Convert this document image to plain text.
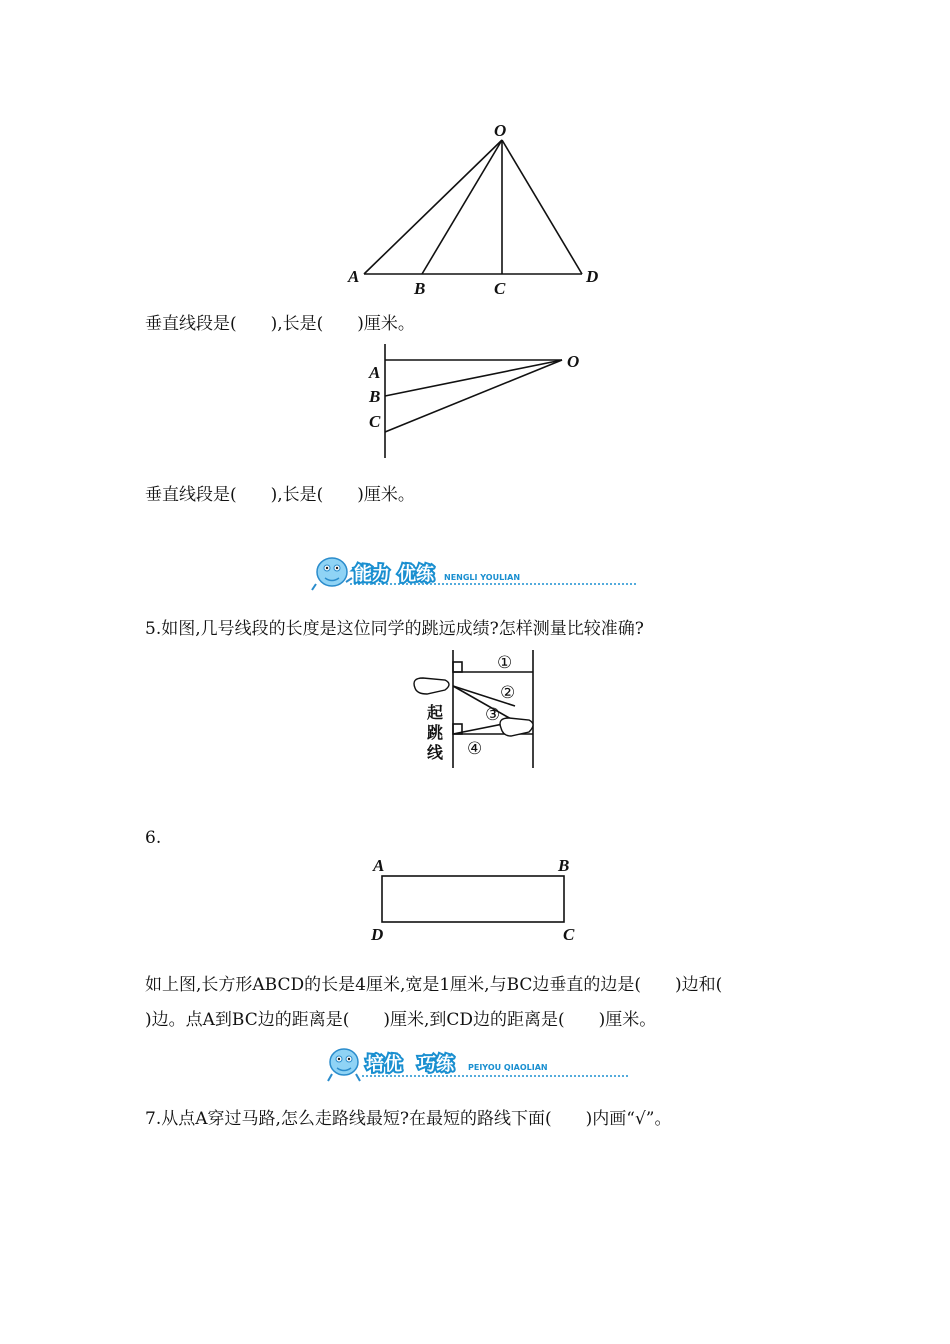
O
A
B	C
D
垂直线段是(　　),长是(　　)厘米。
A
B
C
O
垂直线段是(　　),长是(　　)厘米。
能力 优练 NENGLI YOULIAN
5.如图,几号线段的长度是这位同学的跳远成绩?怎样测量比较准确?
起
跳
线
①
②
③
④
6.
A	B
D	C
如上图,长方形ABCD的长是4厘米,宽是1厘米,与BC边垂直的边是(　　)边和(
)边。点A到BC边的距离是(　　)厘米,到CD边的距离是(　　)厘米。
培优 巧练 PEIYOU QIAOLIAN
7.从点A穿过马路,怎么走路线最短?在最短的路线下面(　　)内画“√”。
